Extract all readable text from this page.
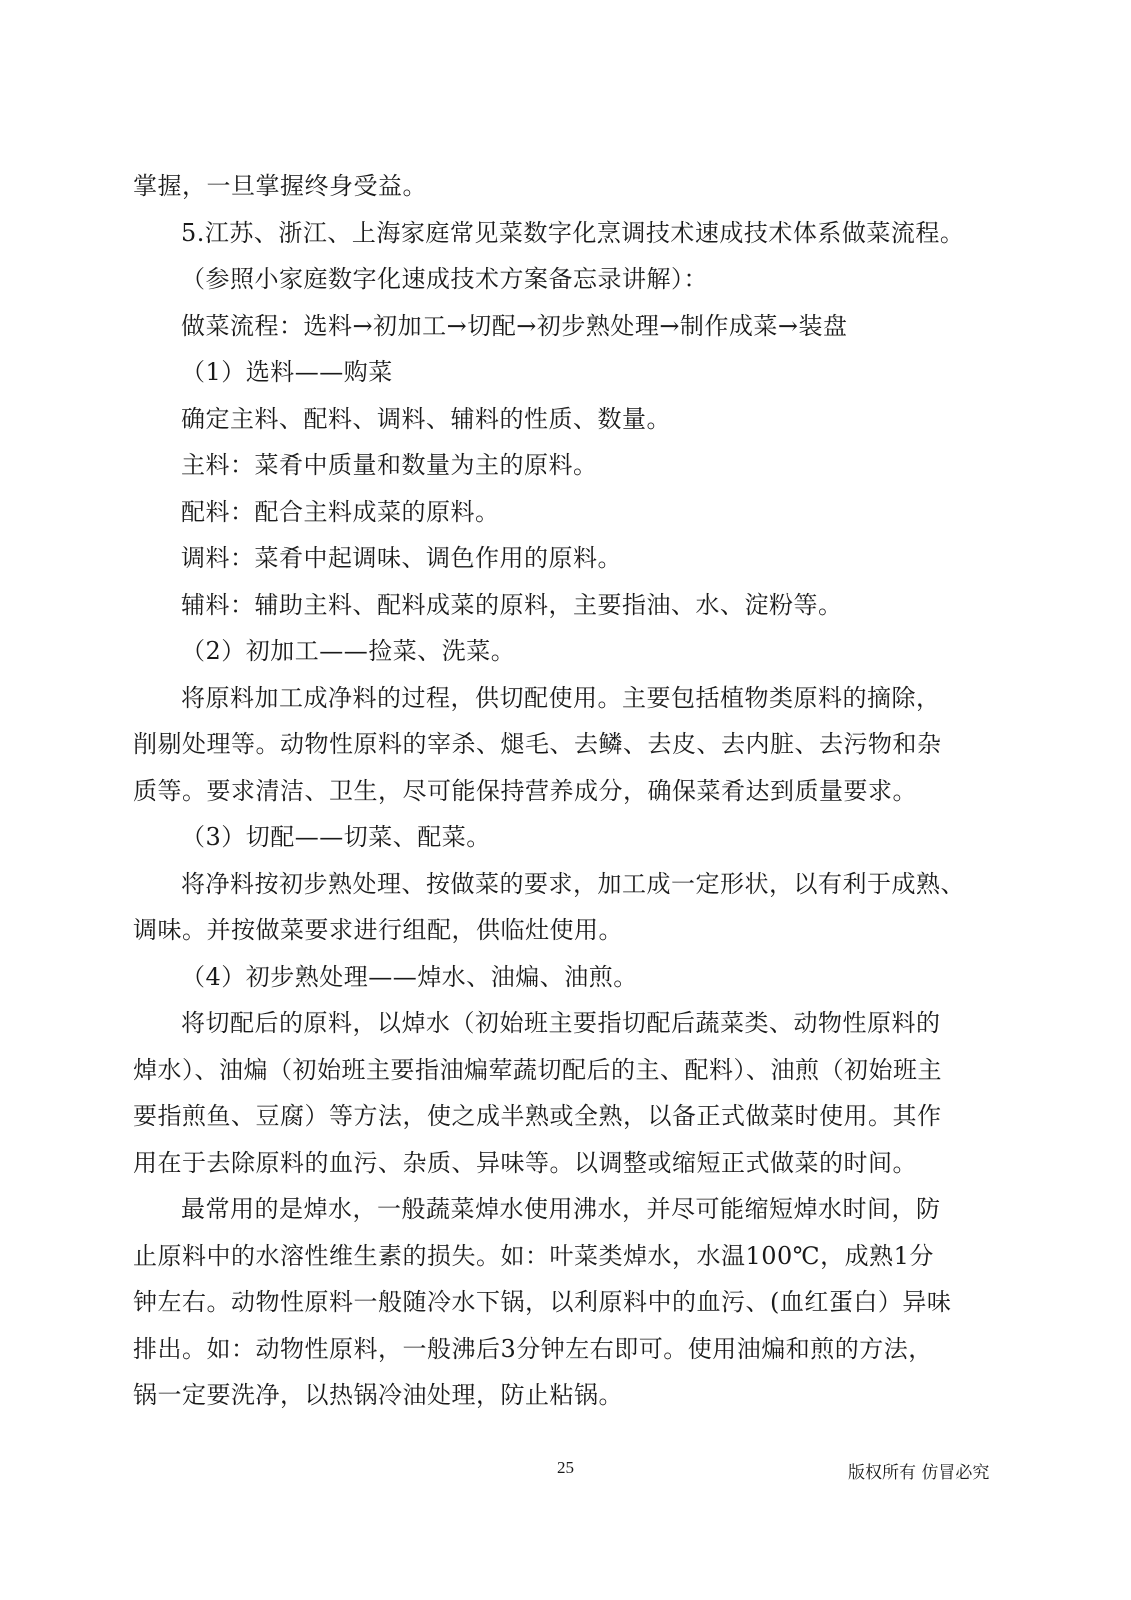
掌握，一旦掌握终身受益。
5.江苏、浙江、上海家庭常见菜数字化烹调技术速成技术体系做菜流程。
（参照小家庭数字化速成技术方案备忘录讲解）：
做菜流程：选料→初加工→切配→初步熟处理→制作成菜→装盘
（1）选料——购菜
确定主料、配料、调料、辅料的性质、数量。
主料：菜肴中质量和数量为主的原料。
配料：配合主料成菜的原料。
调料：菜肴中起调味、调色作用的原料。
辅料：辅助主料、配料成菜的原料，主要指油、水、淀粉等。
（2）初加工——捡菜、洗菜。
将原料加工成净料的过程，供切配使用。主要包括植物类原料的摘除，
削剔处理等。动物性原料的宰杀、煺毛、去鳞、去皮、去内脏、去污物和杂
质等。要求清洁、卫生，尽可能保持营养成分，确保菜肴达到质量要求。
（3）切配——切菜、配菜。
将净料按初步熟处理、按做菜的要求，加工成一定形状，以有利于成熟、
调味。并按做菜要求进行组配，供临灶使用。
（4）初步熟处理——焯水、油煸、油煎。
将切配后的原料，以焯水（初始班主要指切配后蔬菜类、动物性原料的
焯水）、油煸（初始班主要指油煸荤蔬切配后的主、配料）、油煎（初始班主
要指煎鱼、豆腐）等方法，使之成半熟或全熟，以备正式做菜时使用。其作
用在于去除原料的血污、杂质、异味等。以调整或缩短正式做菜的时间。
最常用的是焯水，一般蔬菜焯水使用沸水，并尽可能缩短焯水时间，防
止原料中的水溶性维生素的损失。如：叶菜类焯水，水温100℃，成熟1分
钟左右。动物性原料一般随冷水下锅，以利原料中的血污、(血红蛋白）异味
排出。如：动物性原料，一般沸后3分钟左右即可。使用油煸和煎的方法，
锅一定要洗净，以热锅冷油处理，防止粘锅。
25	版权所有 仿冒必究
